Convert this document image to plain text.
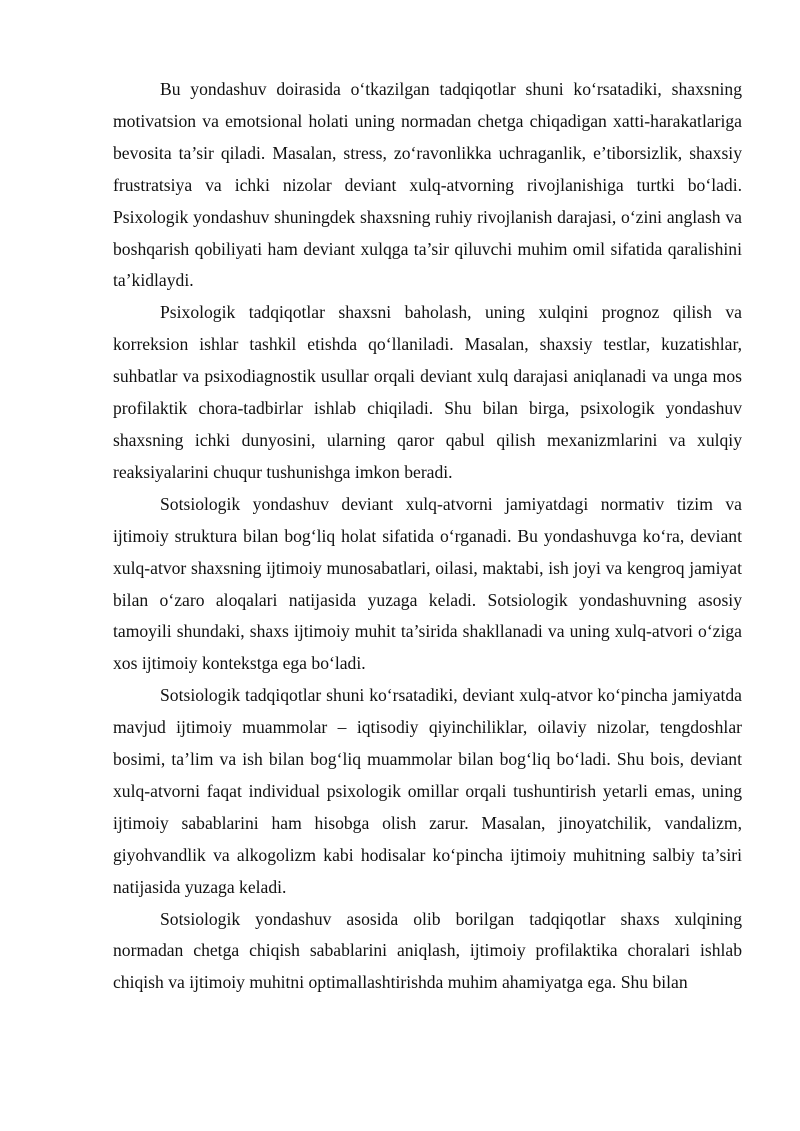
Bu yondashuv doirasida o‘tkazilgan tadqiqotlar shuni ko‘rsatadiki, shaxsning motivatsion va emotsional holati uning normadan chetga chiqadigan xatti-harakatlariga bevosita ta’sir qiladi. Masalan, stress, zo‘ravonlikka uchraganlik, e’tiborsizlik, shaxsiy frustratsiya va ichki nizolar deviant xulq-atvorning rivojlanishiga turtki bo‘ladi. Psixologik yondashuv shuningdek shaxsning ruhiy rivojlanish darajasi, o‘zini anglash va boshqarish qobiliyati ham deviant xulqga ta’sir qiluvchi muhim omil sifatida qaralishini ta’kidlaydi.

Psixologik tadqiqotlar shaxsni baholash, uning xulqini prognoz qilish va korreksion ishlar tashkil etishda qo‘llaniladi. Masalan, shaxsiy testlar, kuzatishlar, suhbatlar va psixodiagnostik usullar orqali deviant xulq darajasi aniqlanadi va unga mos profilaktik chora-tadbirlar ishlab chiqiladi. Shu bilan birga, psixologik yondashuv shaxsning ichki dunyosini, ularning qaror qabul qilish mexanizmlarini va xulqiy reaksiyalarini chuqur tushunishga imkon beradi.

Sotsiologik yondashuv deviant xulq-atvorni jamiyatdagi normativ tizim va ijtimoiy struktura bilan bog‘liq holat sifatida o‘rganadi. Bu yondashuvga ko‘ra, deviant xulq-atvor shaxsning ijtimoiy munosabatlari, oilasi, maktabi, ish joyi va kengroq jamiyat bilan o‘zaro aloqalari natijasida yuzaga keladi. Sotsiologik yondashuvning asosiy tamoyili shundaki, shaxs ijtimoiy muhit ta’sirida shakllanadi va uning xulq-atvori o‘ziga xos ijtimoiy kontekstga ega bo‘ladi.

Sotsiologik tadqiqotlar shuni ko‘rsatadiki, deviant xulq-atvor ko‘pincha jamiyatda mavjud ijtimoiy muammolar – iqtisodiy qiyinchiliklar, oilaviy nizolar, tengdoshlar bosimi, ta’lim va ish bilan bog‘liq muammolar bilan bog‘liq bo‘ladi. Shu bois, deviant xulq-atvorni faqat individual psixologik omillar orqali tushuntirish yetarli emas, uning ijtimoiy sabablarini ham hisobga olish zarur. Masalan, jinoyatchilik, vandalizm, giyohvandlik va alkogolizm kabi hodisalar ko‘pincha ijtimoiy muhitning salbiy ta’siri natijasida yuzaga keladi.

Sotsiologik yondashuv asosida olib borilgan tadqiqotlar shaxs xulqining normadan chetga chiqish sabablarini aniqlash, ijtimoiy profilaktika choralari ishlab chiqish va ijtimoiy muhitni optimallashtirishda muhim ahamiyatga ega. Shu bilan
